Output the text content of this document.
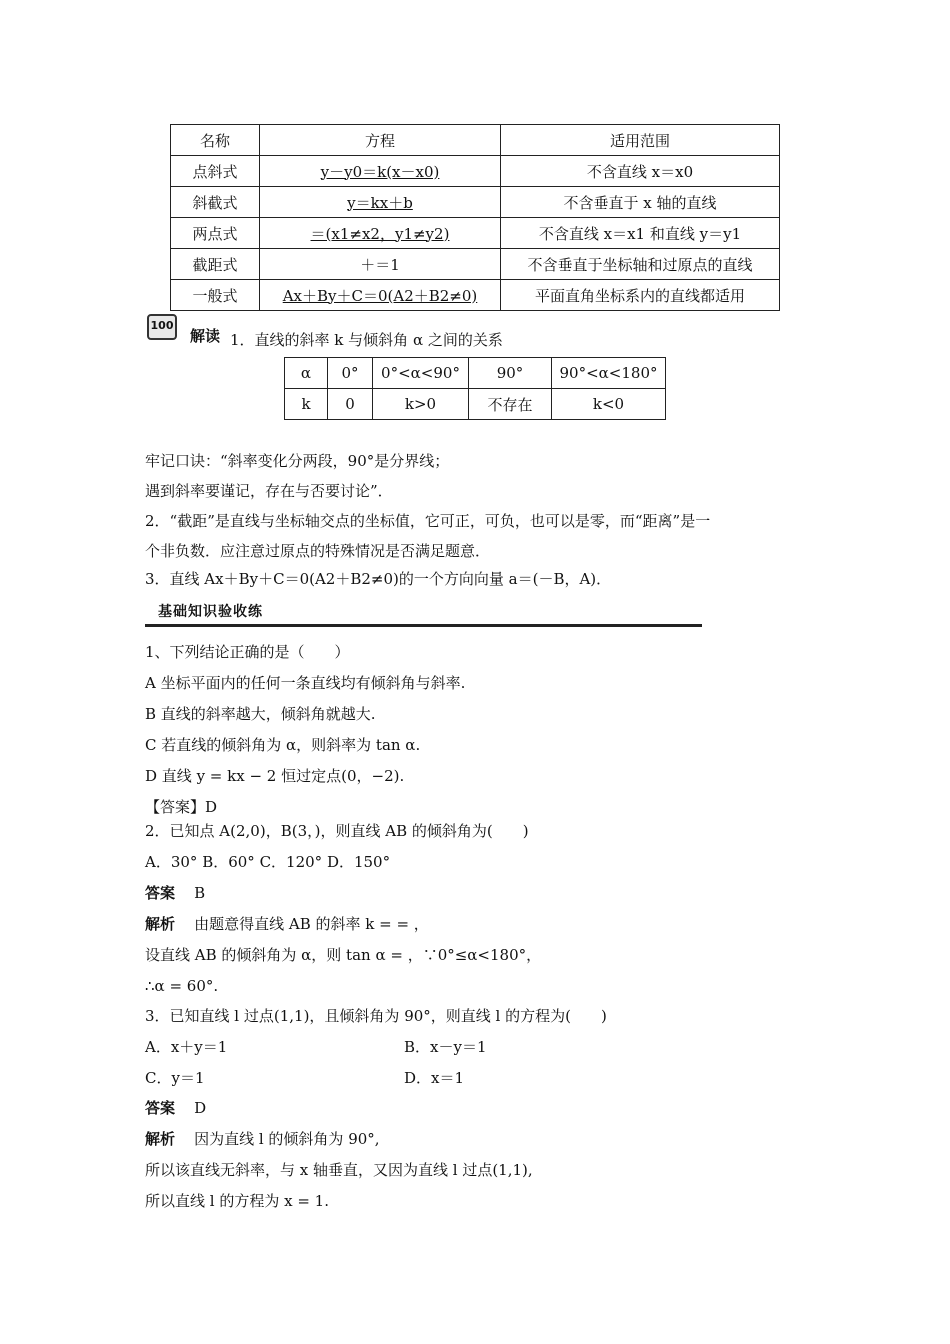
名称	方程	适用范围
点斜式	y－y0＝k(x－x0)	不含直线 x＝x0
斜截式	y＝kx＋b	不含垂直于 x 轴的直线
两点式	＝(x1≠x2，y1≠y2)	不含直线 x＝x1 和直线 y＝y1
截距式	＋＝1	不含垂直于坐标轴和过原点的直线
一般式	Ax＋By＋C＝0(A2＋B2≠0)	平面直角坐标系内的直线都适用
100
解读 1．直线的斜率 k 与倾斜角 α 之间的关系
α	0°	0°<α<90°	90°	90°<α<180°
k	0	k>0	不存在	k<0
牢记口诀：“斜率变化分两段，90°是分界线；
遇到斜率要谨记，存在与否要讨论”．
2．“截距”是直线与坐标轴交点的坐标值，它可正，可负，也可以是零，而“距离”是一
个非负数．应注意过原点的特殊情况是否满足题意．
3．直线 Ax＋By＋C＝0(A2＋B2≠0)的一个方向向量 a＝(－B，A)．
基础知识验收练
1、下列结论正确的是（　　）
A 坐标平面内的任何一条直线均有倾斜角与斜率.
B 直线的斜率越大，倾斜角就越大.
C 若直线的倾斜角为 α，则斜率为 tan α.
D 直线 y = kx − 2 恒过定点(0，−2).
【答案】D
2．已知点 A(2,0)，B(3，)，则直线 AB 的倾斜角为(　　)
A．30° B．60° C．120° D．150°
答案 B
解析 由题意得直线 AB 的斜率 k = = ，
设直线 AB 的倾斜角为 α，则 tan α = ，∵0°≤α<180°，
∴α = 60°.
3．已知直线 l 过点(1,1)，且倾斜角为 90°，则直线 l 的方程为(　　)
A．x＋y＝1	B．x－y＝1
C．y＝1	D．x＝1
答案 D
解析 因为直线 l 的倾斜角为 90°,
所以该直线无斜率，与 x 轴垂直，又因为直线 l 过点(1,1),
所以直线 l 的方程为 x = 1.
